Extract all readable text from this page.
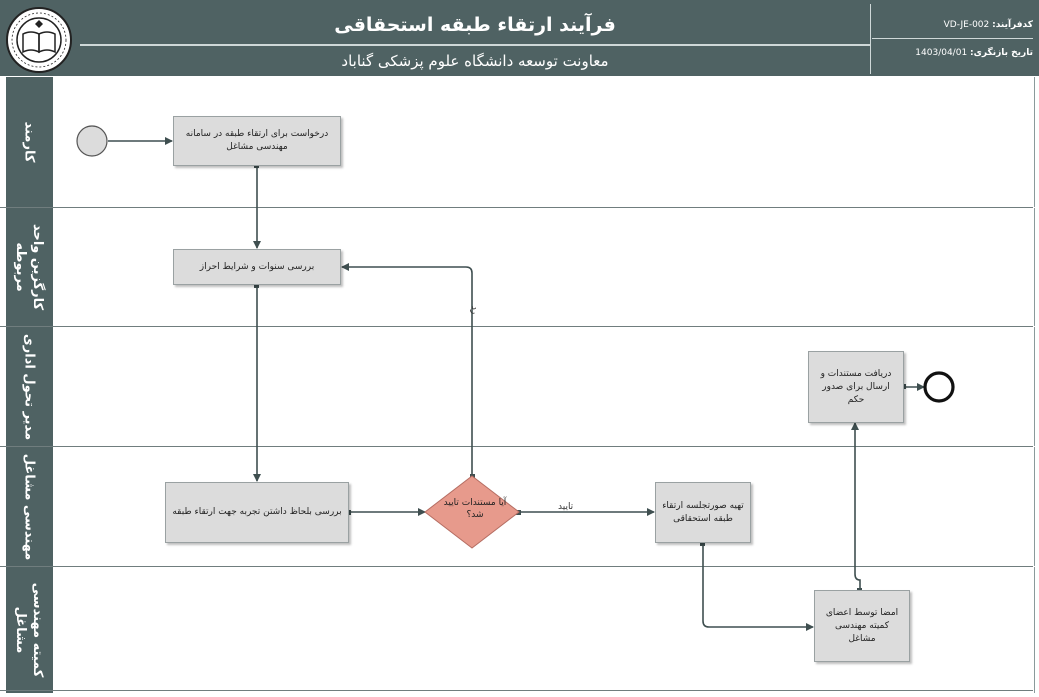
فرآیند ارتقاء طبقه استحقاقی
معاونت توسعه دانشگاه علوم پزشکی گناباد
کدفرآیند: VD-JE-002
تاریخ بازنگری: 1403/04/01
کارمند
کارگزین واحد مربوطه
مدیر تحول اداری
مهندسی مشاغل
کمیته مهندسی مشاغل
درخواست برای ارتقاء طبقه در سامانه مهندسی مشاغل
بررسی سنوات و شرایط احراز
بررسی بلحاظ داشتن تجربه جهت ارتقاء طبقه
آیا مستندات تایید شد؟
تهیه صورتجلسه ارتقاء طبقه استحقاقی
امضا توسط اعضای کمیته مهندسی مشاغل
دریافت مستندات و ارسال برای صدور حکم
رد
تایید
